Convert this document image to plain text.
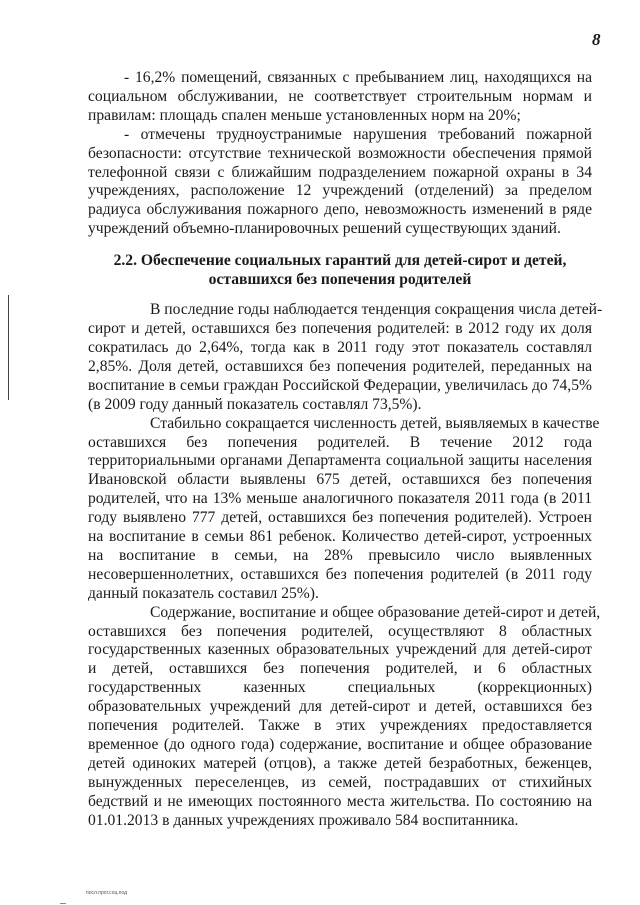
8
- 16,2% помещений, связанных с пребыванием лиц, находящихся на
социальном обслуживании, не соответствует строительным нормам и
правилам: площадь спален меньше установленных норм на 20%;
- отмечены трудноустранимые нарушения требований пожарной
безопасности: отсутствие технической возможности обеспечения прямой
телефонной связи с ближайшим подразделением пожарной охраны в 34
учреждениях, расположение 12 учреждений (отделений) за пределом
радиуса обслуживания пожарного депо, невозможность изменений в ряде
учреждений объемно-планировочных решений существующих зданий.
2.2. Обеспечение социальных гарантий для детей-сирот и детей,
оставшихся без попечения родителей
В последние годы наблюдается тенденция сокращения числа детей-
сирот и детей, оставшихся без попечения родителей: в 2012 году их доля
сократилась до 2,64%, тогда как в 2011 году этот показатель составлял
2,85%. Доля детей, оставшихся без попечения родителей, переданных на
воспитание в семьи граждан Российской Федерации, увеличилась до 74,5%
(в 2009 году данный показатель составлял 73,5%).
Стабильно сокращается численность детей, выявляемых в качестве
оставшихся без попечения родителей. В течение 2012 года
территориальными органами Департамента социальной защиты населения
Ивановской области выявлены 675 детей, оставшихся без попечения
родителей, что на 13% меньше аналогичного показателя 2011 года (в 2011
году выявлено 777 детей, оставшихся без попечения родителей). Устроен
на воспитание в семьи 861 ребенок. Количество детей-сирот, устроенных
на воспитание в семьи, на 28% превысило число выявленных
несовершеннолетних, оставшихся без попечения родителей (в 2011 году
данный показатель составил 25%).
Содержание, воспитание и общее образование детей-сирот и детей,
оставшихся без попечения родителей, осуществляют 8 областных
государственных казенных образовательных учреждений для детей-сирот
и детей, оставшихся без попечения родителей, и 6 областных
государственных казенных специальных (коррекционных)
образовательных учреждений для детей-сирот и детей, оставшихся без
попечения родителей. Также в этих учреждениях предоставляется
временное (до одного года) содержание, воспитание и общее образование
детей одиноких матерей (отцов), а также детей безработных, беженцев,
вынужденных переселенцев, из семей, пострадавших от стихийных
бедствий и не имеющих постоянного места жительства. По состоянию на
01.01.2013 в данных учреждениях проживало 584 воспитанника.
посл.прог.соц.под
